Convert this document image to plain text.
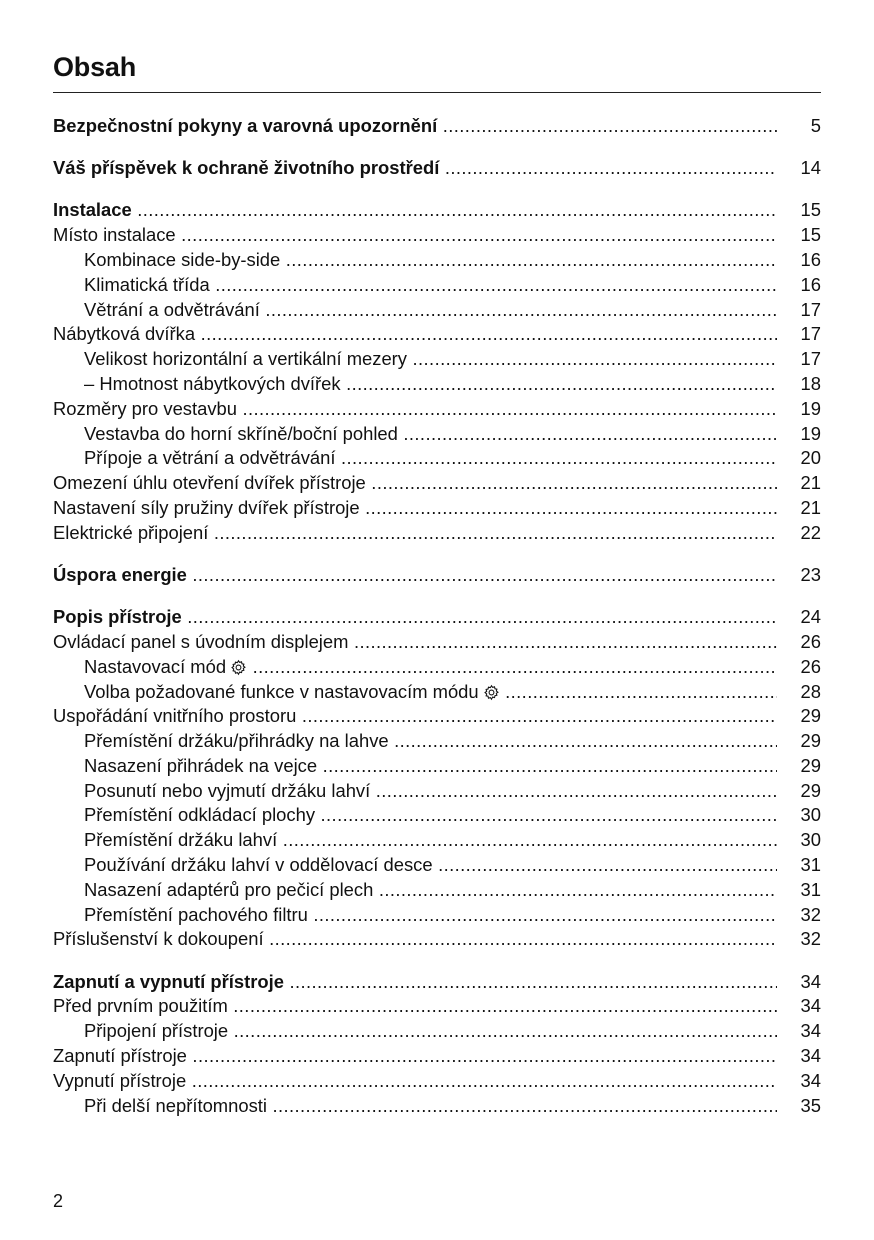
Obsah
Bezpečnostní pokyny a varovná upozornění .....	5
Váš příspěvek k ochraně životního prostředí .....	14
Instalace .....	15
Místo instalace .....	15
Kombinace side-by-side .....	16
Klimatická třída .....	16
Větrání a odvětrávání .....	17
Nábytková dvířka .....	17
Velikost horizontální a vertikální mezery .....	17
– Hmotnost nábytkových dvířek .....	18
Rozměry pro vestavbu .....	19
Vestavba do horní skříně/boční pohled .....	19
Přípoje a větrání a odvětrávání .....	20
Omezení úhlu otevření dvířek přístroje .....	21
Nastavení síly pružiny dvířek přístroje .....	21
Elektrické připojení .....	22
Úspora energie .....	23
Popis přístroje .....	24
Ovládací panel s úvodním displejem .....	26
Nastavovací mód .....	26
Volba požadované funkce v nastavovacím módu .....	28
Uspořádání vnitřního prostoru .....	29
Přemístění držáku/přihrádky na lahve .....	29
Nasazení přihrádek na vejce .....	29
Posunutí nebo vyjmutí držáku lahví .....	29
Přemístění odkládací plochy .....	30
Přemístění držáku lahví .....	30
Používání držáku lahví v oddělovací desce .....	31
Nasazení adaptérů pro pečicí plech .....	31
Přemístění pachového filtru .....	32
Příslušenství k dokoupení .....	32
Zapnutí a vypnutí přístroje .....	34
Před prvním použitím .....	34
Připojení přístroje .....	34
Zapnutí přístroje .....	34
Vypnutí přístroje .....	34
Při delší nepřítomnosti .....	35
2
